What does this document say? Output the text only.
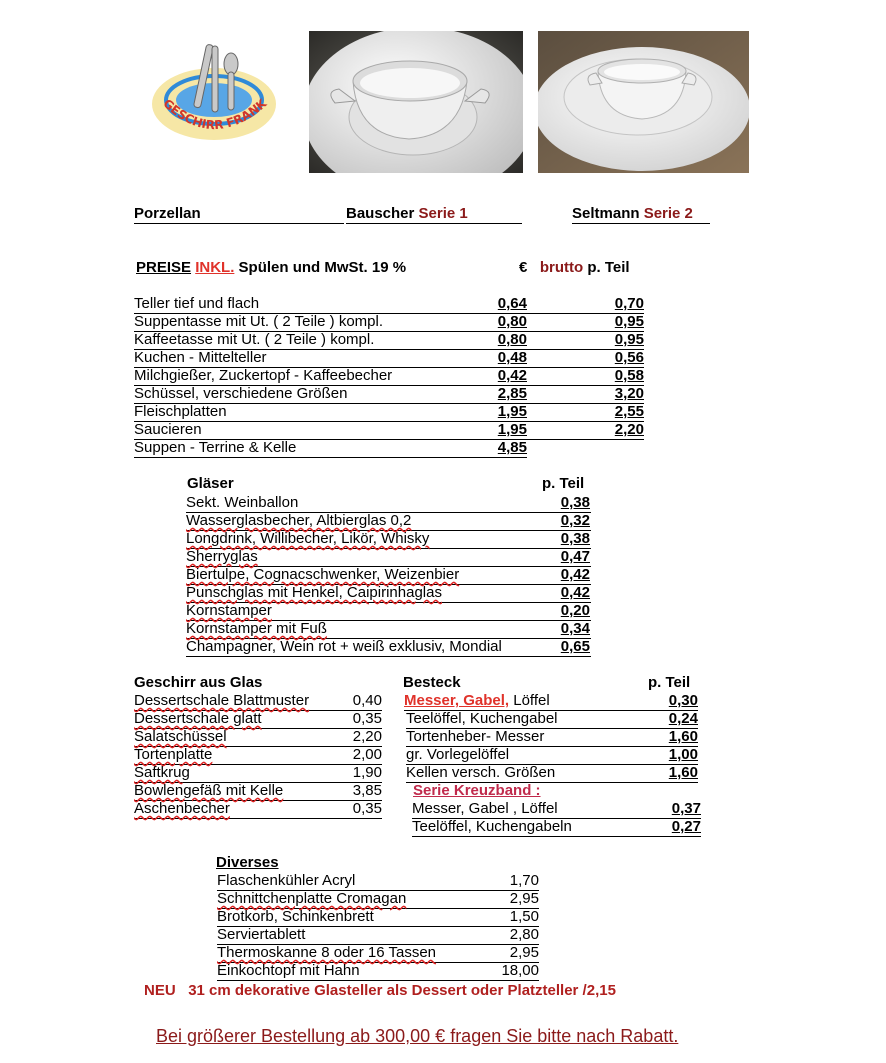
GESCHIRR FRANK
Porzellan	Bauscher Serie 1	Seltmann Serie 2
PREISE INKL. Spülen und MwSt. 19 %	€ brutto p. Teil
Teller tief und flach	0,64	0,70
Suppentasse mit Ut. ( 2 Teile ) kompl.	0,80	0,95
Kaffeetasse mit Ut. ( 2 Teile ) kompl.	0,80	0,95
Kuchen - Mittelteller	0,48	0,56
Milchgießer, Zuckertopf - Kaffeebecher	0,42	0,58
Schüssel, verschiedene Größen	2,85	3,20
Fleischplatten	1,95	2,55
Saucieren	1,95	2,20
Suppen - Terrine & Kelle	4,85
Gläser	p. Teil
Sekt. Weinballon	0,38
Wasserglasbecher, Altbierglas 0,2	0,32
Longdrink, Willibecher, Likör, Whisky	0,38
Sherryglas	0,47
Biertulpe, Cognacschwenker, Weizenbier	0,42
Punschglas mit Henkel, Caipirinhaglas	0,42
Kornstamper	0,20
Kornstamper mit Fuß	0,34
Champagner, Wein rot + weiß exklusiv, Mondial	0,65
Geschirr aus Glas
Dessertschale Blattmuster	0,40
Dessertschale glatt	0,35
Salatschüssel	2,20
Tortenplatte	2,00
Saftkrug	1,90
Bowlengefäß mit Kelle	3,85
Aschenbecher	0,35
Besteck	p. Teil
Messer, Gabel, Löffel	0,30
Teelöffel, Kuchengabel	0,24
Tortenheber- Messer	1,60
gr. Vorlegelöffel	1,00
Kellen versch. Größen	1,60
Serie Kreuzband :
Messer, Gabel , Löffel	0,37
Teelöffel, Kuchengabeln	0,27
Diverses
Flaschenkühler Acryl	1,70
Schnittchenplatte Cromagan	2,95
Brotkorb, Schinkenbrett	1,50
Serviertablett	2,80
Thermoskanne 8 oder 16 Tassen	2,95
Einkochtopf mit Hahn	18,00
NEU 31 cm dekorative Glasteller als Dessert oder Platzteller /2,15
Bei größerer Bestellung ab 300,00 € fragen Sie bitte nach Rabatt.
